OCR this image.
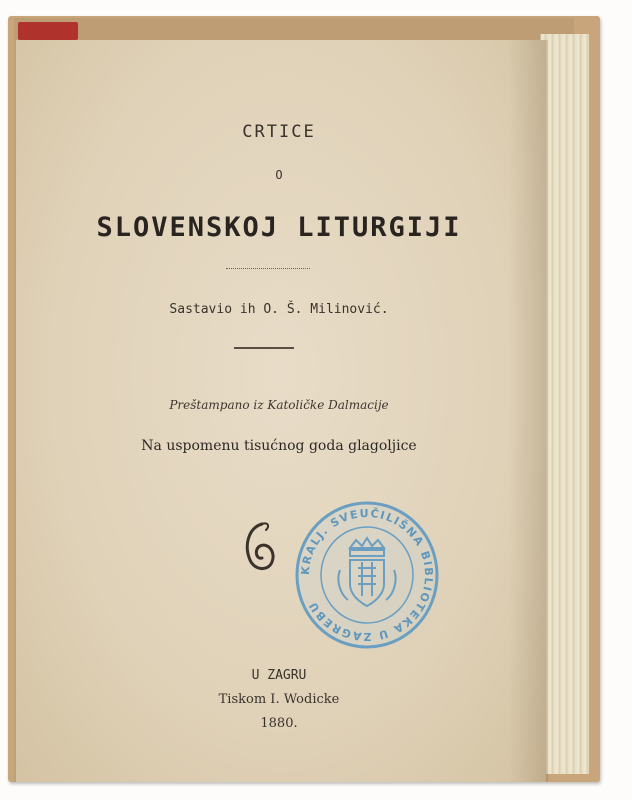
CRTICE
O
SLOVENSKOJ LITURGIJI
Sastavio ih O. Š. Milinović.
Preštampano iz Katoličke Dalmacije
Na uspomenu tisućnog goda glagoljice
KRALJ. SVEUČILIŠNA BIBLIOTEKA U ZAGREBU
U ZAGRU
Tiskom I. Wodicke
1880.
